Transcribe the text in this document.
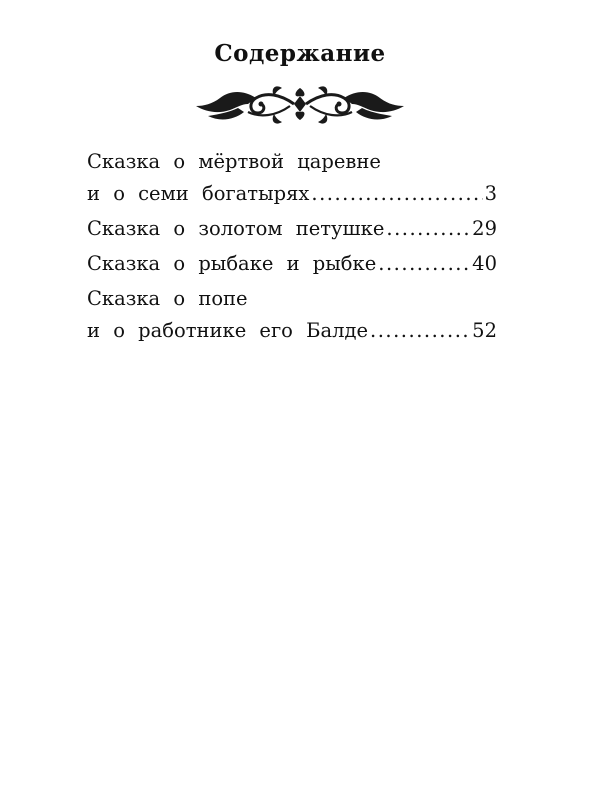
Содержание
Сказка о мёртвой царевне
и о семи богатырях .....	3
Сказка о золотом петушке .....	29
Сказка о рыбаке и рыбке .....	40
Сказка о попе
и о работнике его Балде .....	52
